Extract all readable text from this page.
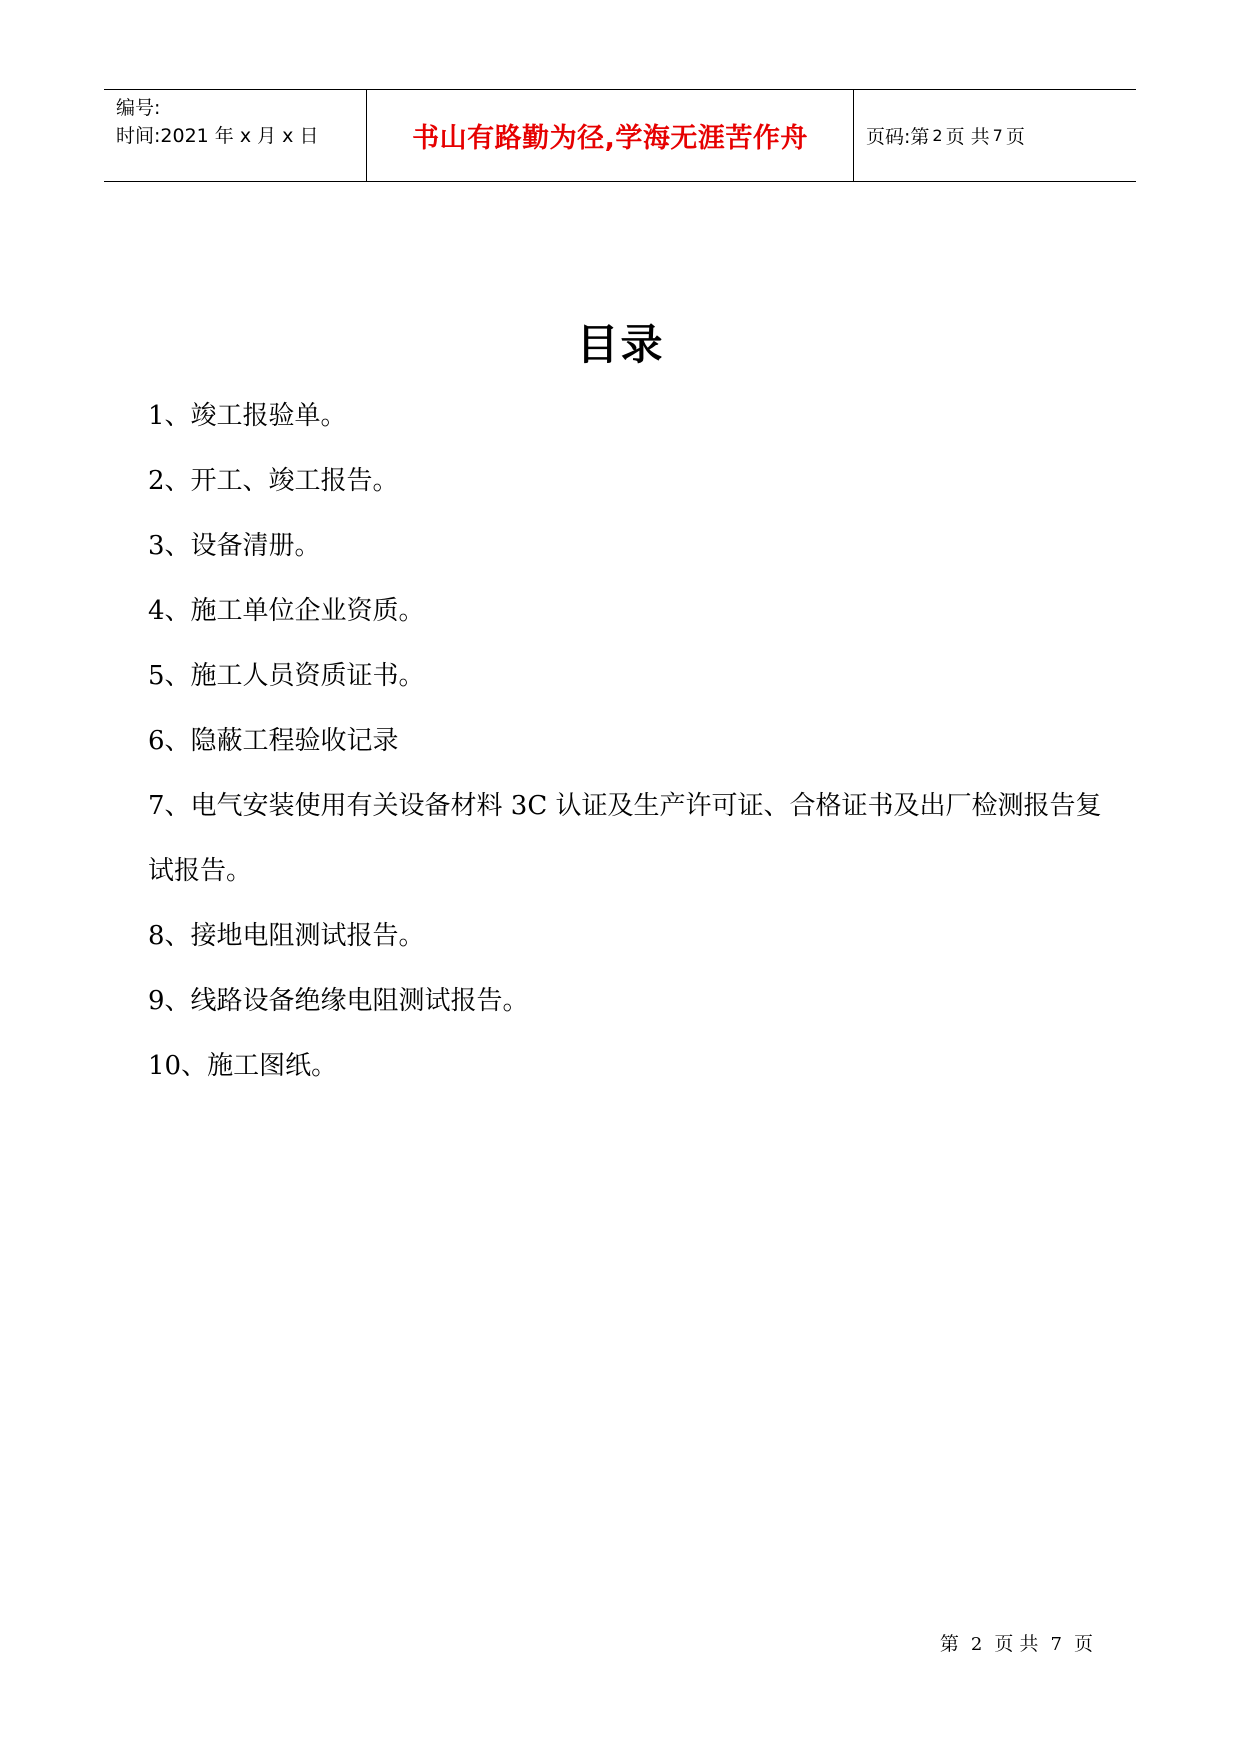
编号:
时间:2021 年 x 月 x 日	书山有路勤为径,学海无涯苦作舟	页码:第 2 页 共 7 页
目录
1、竣工报验单。
2、开工、竣工报告。
3、设备清册。
4、施工单位企业资质。
5、施工人员资质证书。
6、隐蔽工程验收记录
7、电气安装使用有关设备材料 3C 认证及生产许可证、合格证书及出厂检测报告复试报告。
8、接地电阻测试报告。
9、线路设备绝缘电阻测试报告。
10、施工图纸。
第 2 页 共 7 页
